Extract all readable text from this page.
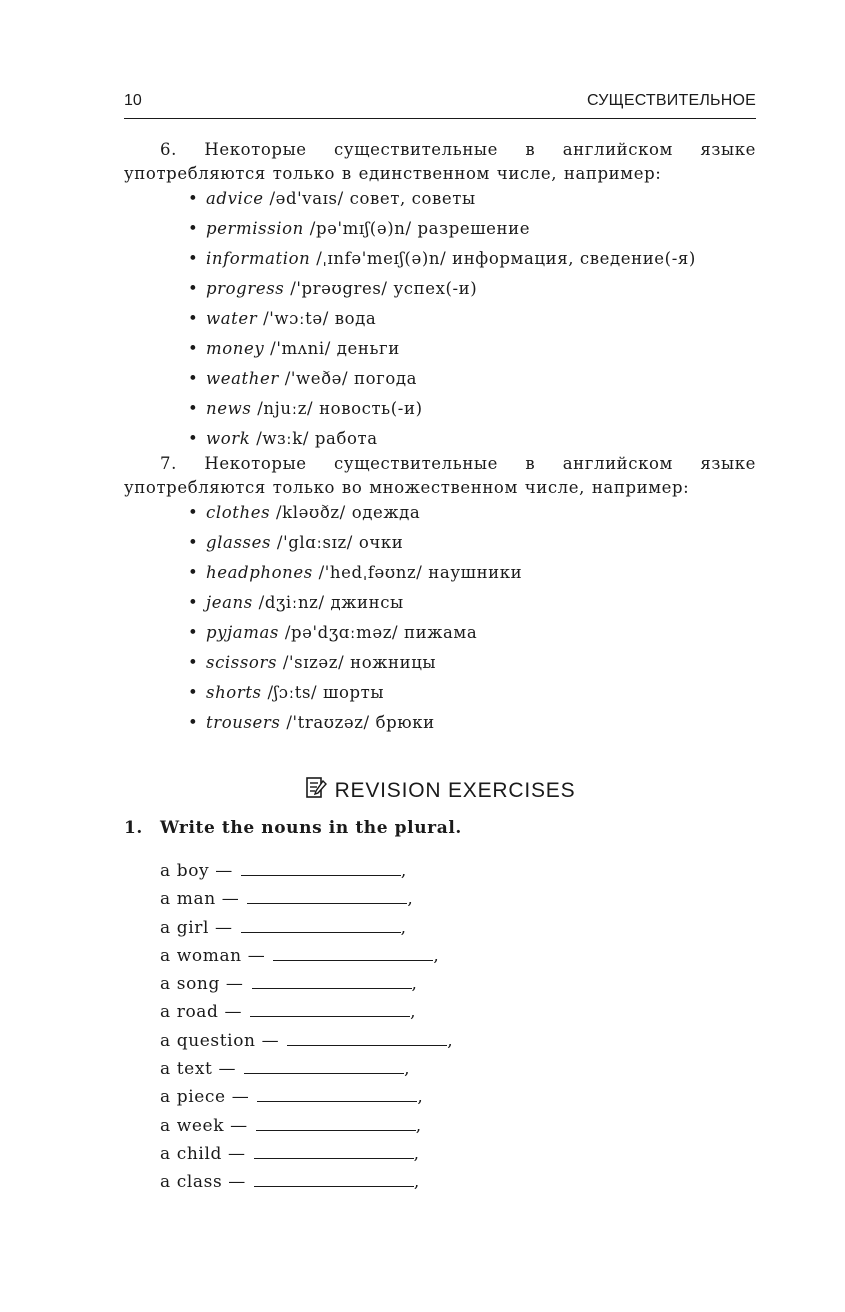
10	СУЩЕСТВИТЕЛЬНОЕ
6. Некоторые существительные в английском языке употребляются только в единственном числе, например:
• advice /əd'vaɪs/ совет, советы
• permission /pə'mɪʃ(ə)n/ разрешение
• information /ˌɪnfə'meɪʃ(ə)n/ информация, сведение(-я)
• progress /'prəʊgres/ успех(-и)
• water /'wɔːtə/ вода
• money /'mʌni/ деньги
• weather /'weðə/ погода
• news /njuːz/ новость(-и)
• work /wɜːk/ работа
7. Некоторые существительные в английском языке употребляются только во множественном числе, например:
• clothes /kləʊðz/ одежда
• glasses /'glɑːsɪz/ очки
• headphones /'hedˌfəʊnz/ наушники
• jeans /dʒiːnz/ джинсы
• pyjamas /pə'dʒɑːməz/ пижама
• scissors /'sɪzəz/ ножницы
• shorts /ʃɔːts/ шорты
• trousers /'traʊzəz/ брюки
REVISION EXERCISES
1. Write the nouns in the plural.
a boy —	,
a man —	,
a girl —	,
a woman —	,
a song —	,
a road —	,
a question —	,
a text —	,
a piece —	,
a week —	,
a child —	,
a class —	,
